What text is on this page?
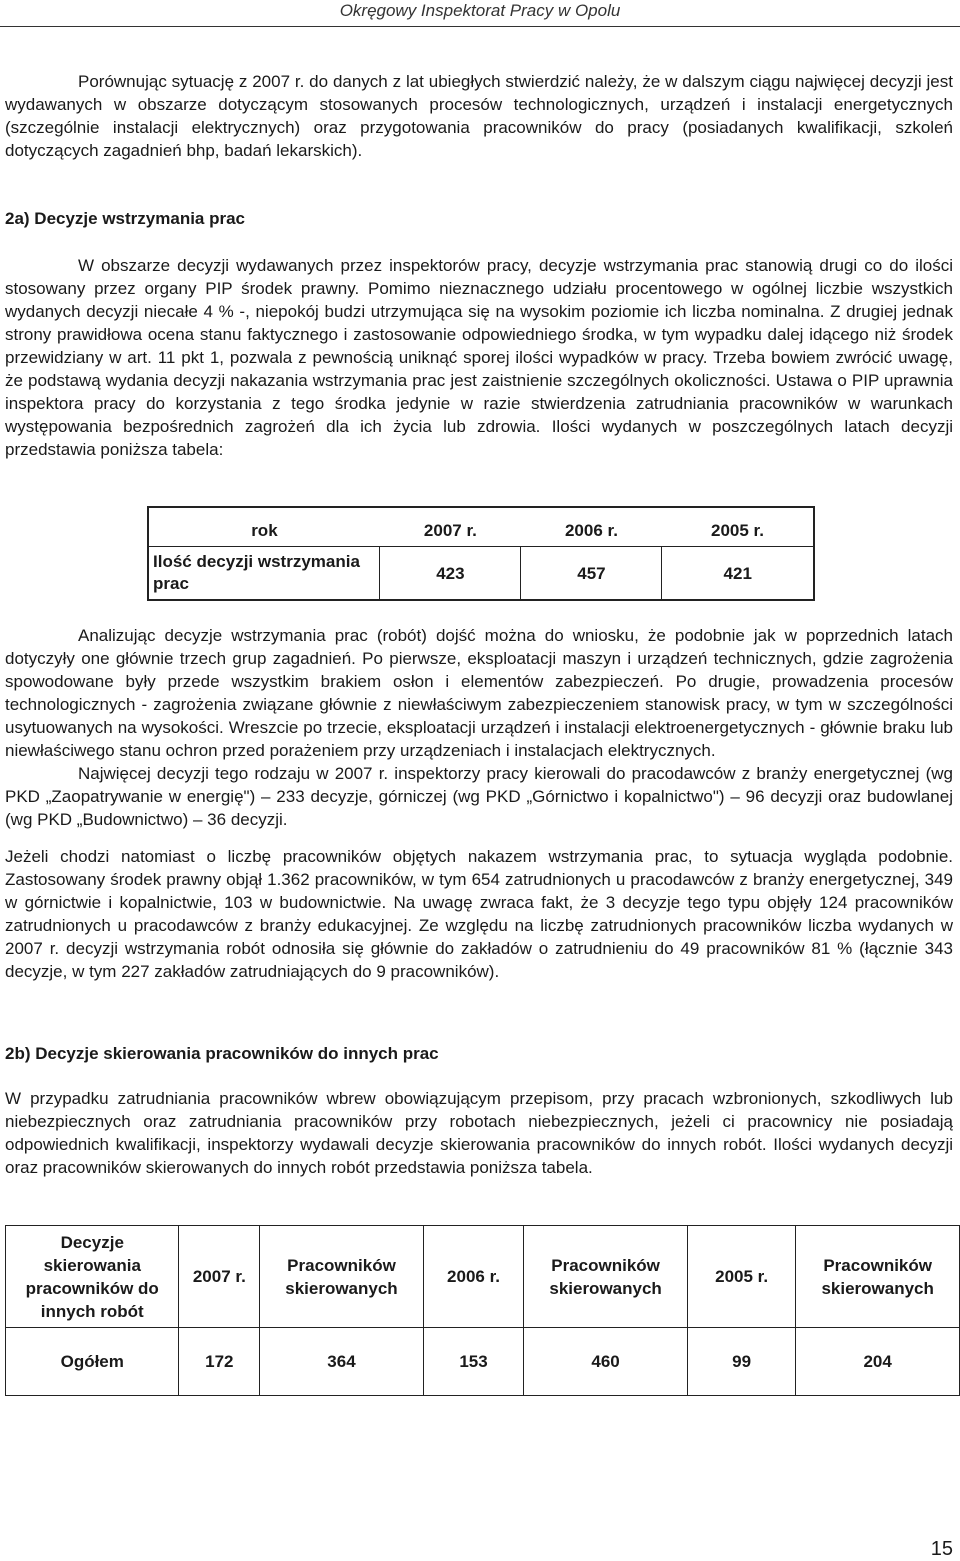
Okręgowy Inspektorat Pracy w Opolu

Porównując sytuację z 2007 r. do danych z lat ubiegłych stwierdzić należy, że w dalszym ciągu najwięcej decyzji jest wydawanych w obszarze dotyczącym stosowanych procesów technologicznych, urządzeń i instalacji energetycznych (szczególnie instalacji elektrycznych) oraz przygotowania pracowników do pracy (posiadanych kwalifikacji, szkoleń dotyczących zagadnień bhp, badań lekarskich).

2a) Decyzje wstrzymania prac

W obszarze decyzji wydawanych przez inspektorów pracy, decyzje wstrzymania prac stanowią drugi co do ilości stosowany przez organy PIP środek prawny. Pomimo nieznacznego udziału procentowego w ogólnej liczbie wszystkich wydanych decyzji niecałe 4 % -, niepokój budzi utrzymująca się na wysokim poziomie ich liczba nominalna. Z drugiej jednak strony prawidłowa ocena stanu faktycznego i zastosowanie odpowiedniego środka, w tym wypadku dalej idącego niż środek przewidziany w art. 11 pkt 1, pozwala z pewnością uniknąć sporej ilości wypadków w pracy. Trzeba bowiem zwrócić uwagę, że podstawą wydania decyzji nakazania wstrzymania prac jest zaistnienie szczególnych okoliczności. Ustawa o PIP uprawnia inspektora pracy do korzystania z tego środka jedynie w razie stwierdzenia zatrudniania pracowników w warunkach występowania bezpośrednich zagrożeń dla ich życia lub zdrowia. Ilości wydanych w poszczególnych latach decyzji przedstawia poniższa tabela:

rok	2007 r.	2006 r.	2005 r.
Ilość decyzji wstrzymania prac	423	457	421

Analizując decyzje wstrzymania prac (robót) dojść można do wniosku, że podobnie jak w poprzednich latach dotyczyły one głównie trzech grup zagadnień. Po pierwsze, eksploatacji maszyn i urządzeń technicznych, gdzie zagrożenia spowodowane były przede wszystkim brakiem osłon i elementów zabezpieczeń. Po drugie, prowadzenia procesów technologicznych - zagrożenia związane głównie z niewłaściwym zabezpieczeniem stanowisk pracy, w tym w szczególności usytuowanych na wysokości. Wreszcie po trzecie, eksploatacji urządzeń i instalacji elektroenergetycznych - głównie braku lub niewłaściwego stanu ochron przed porażeniem przy urządzeniach i instalacjach elektrycznych.

Najwięcej decyzji tego rodzaju w 2007 r. inspektorzy pracy kierowali do pracodawców z branży energetycznej (wg PKD „Zaopatrywanie w energię") – 233 decyzje, górniczej (wg PKD „Górnictwo i kopalnictwo") – 96 decyzji oraz budowlanej (wg PKD „Budownictwo) – 36 decyzji.

Jeżeli chodzi natomiast o liczbę pracowników objętych nakazem wstrzymania prac, to sytuacja wygląda podobnie. Zastosowany środek prawny objął 1.362 pracowników, w tym 654 zatrudnionych u pracodawców z branży energetycznej, 349 w górnictwie i kopalnictwie, 103 w budownictwie. Na uwagę zwraca fakt, że 3 decyzje tego typu objęły 124 pracowników zatrudnionych u pracodawców z branży edukacyjnej. Ze względu na liczbę zatrudnionych pracowników liczba wydanych w 2007 r. decyzji wstrzymania robót odnosiła się głównie do zakładów o zatrudnieniu do 49 pracowników 81 % (łącznie 343 decyzje, w tym 227 zakładów zatrudniających do 9 pracowników).

2b) Decyzje skierowania pracowników do innych prac

W przypadku zatrudniania pracowników wbrew obowiązującym przepisom, przy pracach wzbronionych, szkodliwych lub niebezpiecznych oraz zatrudniania pracowników przy robotach niebezpiecznych, jeżeli ci pracownicy nie posiadają odpowiednich kwalifikacji, inspektorzy wydawali decyzje skierowania pracowników do innych robót. Ilości wydanych decyzji oraz pracowników skierowanych do innych robót przedstawia poniższa tabela.

Decyzje skierowania pracowników do innych robót	2007 r.	Pracowników skierowanych	2006 r.	Pracowników skierowanych	2005 r.	Pracowników skierowanych
Ogółem	172	364	153	460	99	204
15
